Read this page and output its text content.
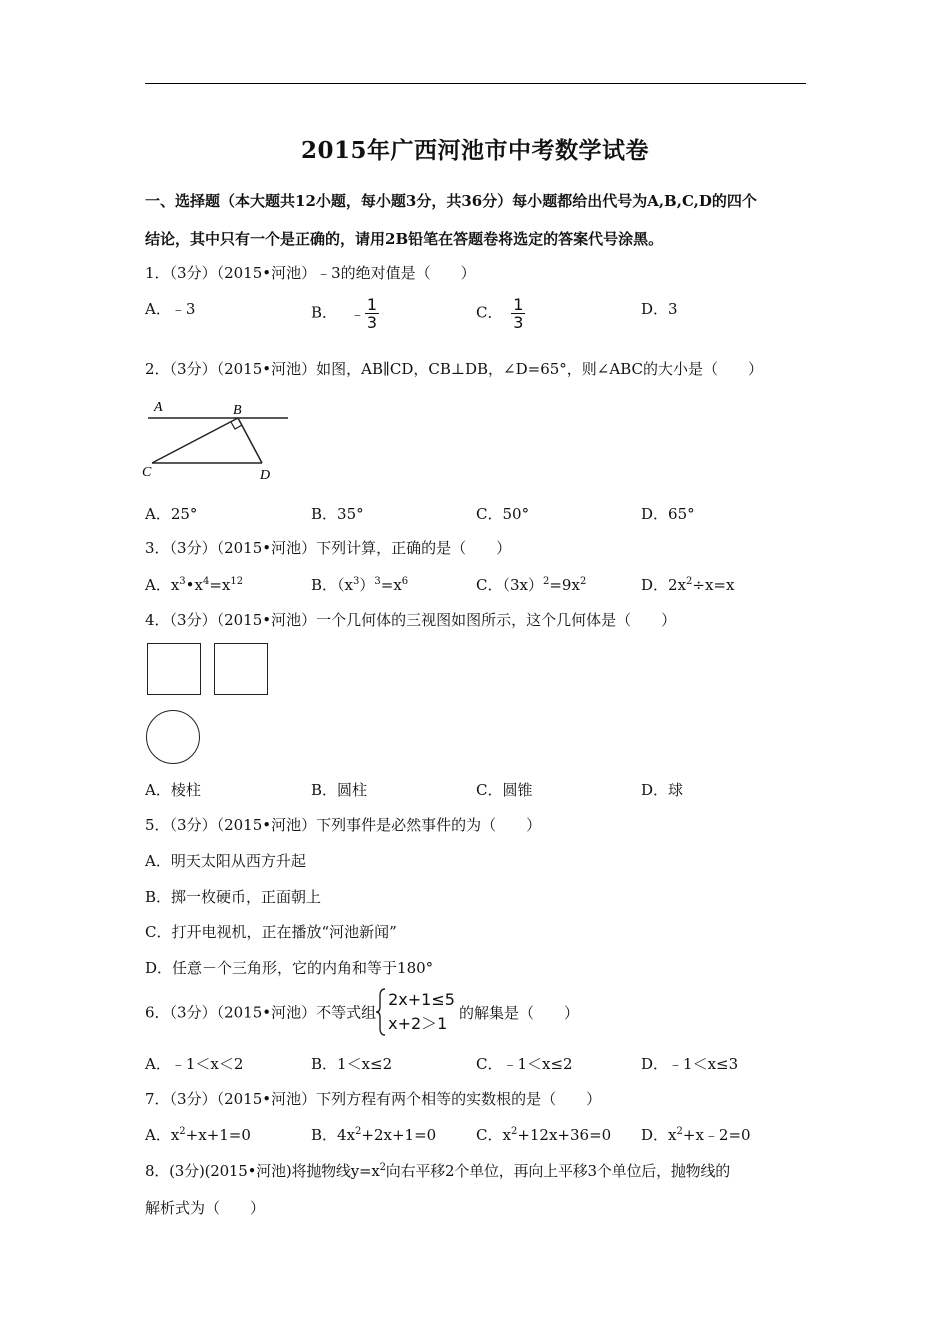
2015年广西河池市中考数学试卷
一、选择题（本大题共12小题，每小题3分，共36分）每小题都给出代号为A,B,C,D的四个
结论，其中只有一个是正确的，请用2B铅笔在答题卷将选定的答案代号涂黑。
1．（3分）（2015•河池）﹣3的绝对值是（　　）
A．﹣3	B． ﹣ $\frac{1}{3}$	C． $\frac{1}{3}$	D．3
2．（3分）（2015•河池）如图，AB∥CD，CB⊥DB，∠D=65°，则∠ABC的大小是（　　）
A	B
C	D
A．25°	B．35°	C．50°	D．65°
3．（3分）（2015•河池）下列计算，正确的是（　　）
A．$x^3•x^4=x^{12}$	B．$(x^3)^3=x^6$	C．$(3x)^2=9x^2$	D．$2x^2\div x=x$
4．（3分）（2015•河池）一个几何体的三视图如图所示，这个几何体是（　　）
A．棱柱	B．圆柱	C．圆锥	D．球
5．（3分）（2015•河池）下列事件是必然事件的为（　　）
A．明天太阳从西方升起
B．掷一枚硬币，正面朝上
C．打开电视机，正在播放“河池新闻”
D．任意－个三角形，它的内角和等于180°
6．（3分）（2015•河池）不等式组
2x+1≤5
x+2＞1
的解集是（　　）
A．﹣1＜x＜2	B．1＜x≤2	C．﹣1＜x≤2	D．﹣1＜x≤3
7．（3分）（2015•河池）下列方程有两个相等的实数根的是（　　）
A．$x^2+x+1=0$	B．$4x^2+2x+1=0$	C．$x^2+12x+36=0$ D．$x^2+x﹣2=0$
8．(3分)(2015•河池)将抛物线$y=x^2$向右平移2个单位，再向上平移3个单位后，抛物线的
解析式为（　　）
